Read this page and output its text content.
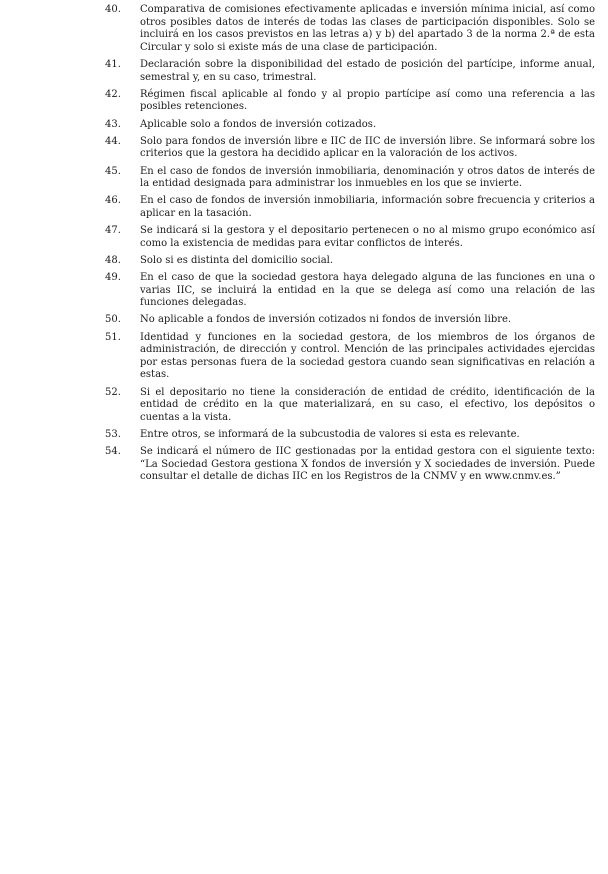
40.	Comparativa de comisiones efectivamente aplicadas e inversión mínima inicial, así como otros posibles datos de interés de todas las clases de participación disponibles. Solo se incluirá en los casos previstos en las letras a) y b) del apartado 3 de la norma 2.ª de esta Circular y solo si existe más de una clase de participación.
41.	Declaración sobre la disponibilidad del estado de posición del partícipe, informe anual, semestral y, en su caso, trimestral.
42.	Régimen fiscal aplicable al fondo y al propio partícipe así como una referencia a las posibles retenciones.
43.	Aplicable solo a fondos de inversión cotizados.
44.	Solo para fondos de inversión libre e IIC de IIC de inversión libre. Se informará sobre los criterios que la gestora ha decidido aplicar en la valoración de los activos.
45.	En el caso de fondos de inversión inmobiliaria, denominación y otros datos de interés de la entidad designada para administrar los inmuebles en los que se invierte.
46.	En el caso de fondos de inversión inmobiliaria, información sobre frecuencia y criterios a aplicar en la tasación.
47.	Se indicará si la gestora y el depositario pertenecen o no al mismo grupo económico así como la existencia de medidas para evitar conflictos de interés.
48.	Solo si es distinta del domicilio social.
49.	En el caso de que la sociedad gestora haya delegado alguna de las funciones en una o varias IIC, se incluirá la entidad en la que se delega así como una relación de las funciones delegadas.
50.	No aplicable a fondos de inversión cotizados ni fondos de inversión libre.
51.	Identidad y funciones en la sociedad gestora, de los miembros de los órganos de administración, de dirección y control. Mención de las principales actividades ejercidas por estas personas fuera de la sociedad gestora cuando sean significativas en relación a estas.
52.	Si el depositario no tiene la consideración de entidad de crédito, identificación de la entidad de crédito en la que materializará, en su caso, el efectivo, los depósitos o cuentas a la vista.
53.	Entre otros, se informará de la subcustodia de valores si esta es relevante.
54.	Se indicará el número de IIC gestionadas por la entidad gestora con el siguiente texto: “La Sociedad Gestora gestiona X fondos de inversión y X sociedades de inversión. Puede consultar el detalle de dichas IIC en los Registros de la CNMV y en www.cnmv.es.”
